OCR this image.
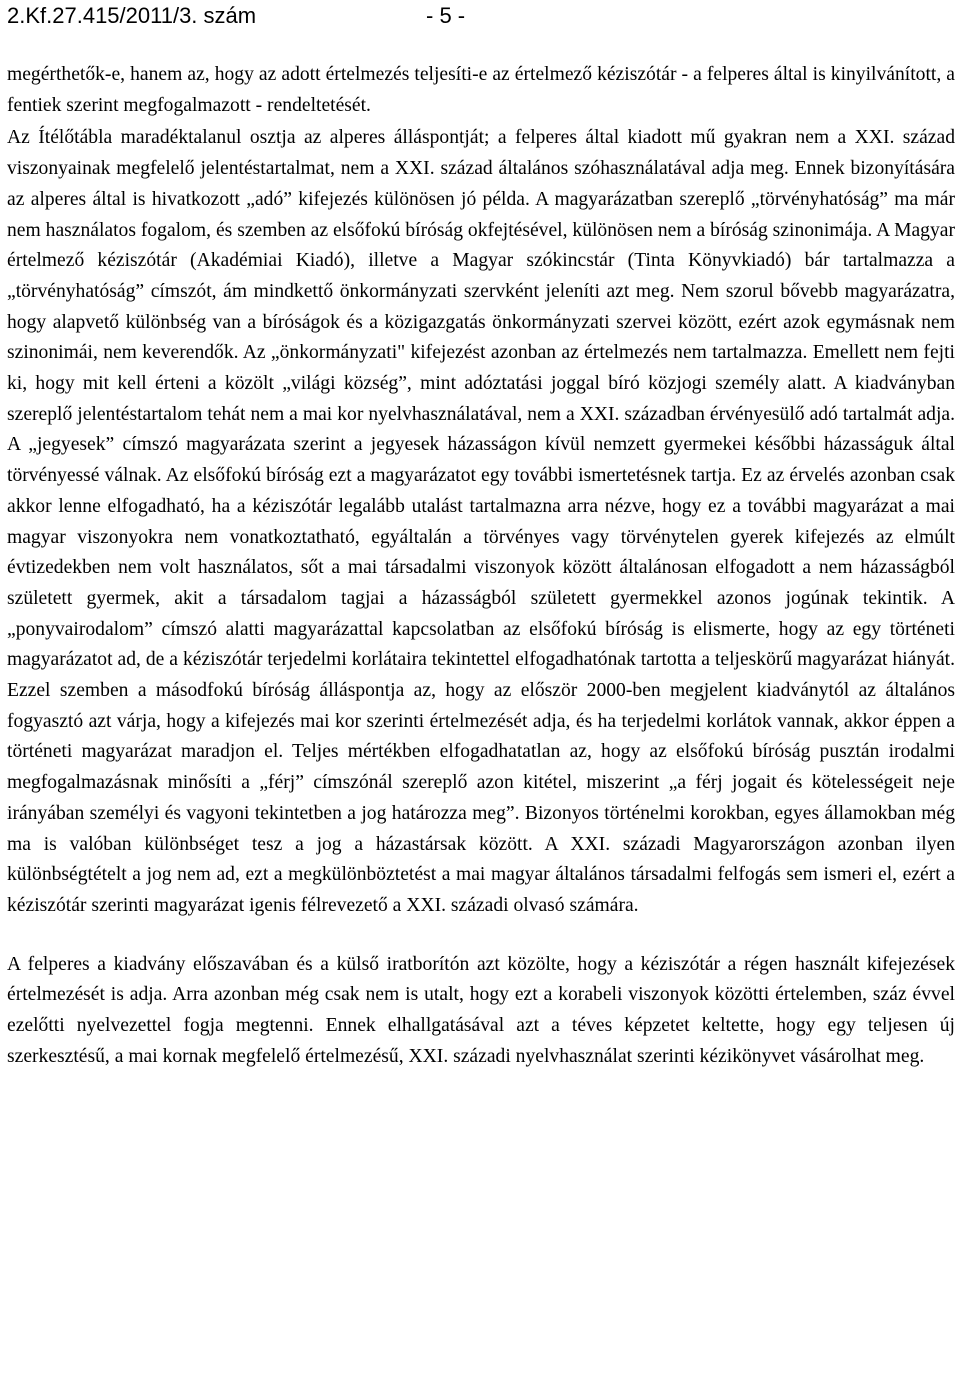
2.Kf.27.415/2011/3. szám	- 5 -

megérthetők-e, hanem az, hogy az adott értelmezés teljesíti-e az értelmező kéziszótár - a felperes által is kinyilvánított, a fentiek szerint megfogalmazott - rendeltetését.

Az Ítélőtábla maradéktalanul osztja az alperes álláspontját; a felperes által kiadott mű gyakran nem a XXI. század viszonyainak megfelelő jelentéstartalmat, nem a XXI. század általános szóhasználatával adja meg. Ennek bizonyítására az alperes által is hivatkozott „adó” kifejezés különösen jó példa. A magyarázatban szereplő „törvényhatóság” ma már nem használatos fogalom, és szemben az elsőfokú bíróság okfejtésével, különösen nem a bíróság szinonimája. A Magyar értelmező kéziszótár (Akadémiai Kiadó), illetve a Magyar szókincstár (Tinta Könyvkiadó) bár tartalmazza a „törvényhatóság” címszót, ám mindkettő önkormányzati szervként jeleníti azt meg. Nem szorul bővebb magyarázatra, hogy alapvető különbség van a bíróságok és a közigazgatás önkormányzati szervei között, ezért azok egymásnak nem szinonimái, nem keverendők. Az „önkormányzati" kifejezést azonban az értelmezés nem tartalmazza. Emellett nem fejti ki, hogy mit kell érteni a közölt „világi község”, mint adóztatási joggal bíró közjogi személy alatt. A kiadványban szereplő jelentéstartalom tehát nem a mai kor nyelvhasználatával, nem a XXI. században érvényesülő adó tartalmát adja. A „jegyesek” címszó magyarázata szerint a jegyesek házasságon kívül nemzett gyermekei későbbi házasságuk által törvényessé válnak. Az elsőfokú bíróság ezt a magyarázatot egy további ismertetésnek tartja. Ez az érvelés azonban csak akkor lenne elfogadható, ha a kéziszótár legalább utalást tartalmazna arra nézve, hogy ez a további magyarázat a mai magyar viszonyokra nem vonatkoztatható, egyáltalán a törvényes vagy törvénytelen gyerek kifejezés az elmúlt évtizedekben nem volt használatos, sőt a mai társadalmi viszonyok között általánosan elfogadott a nem házasságból született gyermek, akit a társadalom tagjai a házasságból született gyermekkel azonos jogúnak tekintik. A „ponyvairodalom” címszó alatti magyarázattal kapcsolatban az elsőfokú bíróság is elismerte, hogy az egy történeti magyarázatot ad, de a kéziszótár terjedelmi korlátaira tekintettel elfogadhatónak tartotta a teljeskörű magyarázat hiányát. Ezzel szemben a másodfokú bíróság álláspontja az, hogy az először 2000-ben megjelent kiadványtól az általános fogyasztó azt várja, hogy a kifejezés mai kor szerinti értelmezését adja, és ha terjedelmi korlátok vannak, akkor éppen a történeti magyarázat maradjon el. Teljes mértékben elfogadhatatlan az, hogy az elsőfokú bíróság pusztán irodalmi megfogalmazásnak minősíti a „férj” címszónál szereplő azon kitétel, miszerint „a férj jogait és kötelességeit neje irányában személyi és vagyoni tekintetben a jog határozza meg”. Bizonyos történelmi korokban, egyes államokban még ma is valóban különbséget tesz a jog a házastársak között. A XXI. századi Magyarországon azonban ilyen különbségtételt a jog nem ad, ezt a megkülönböztetést a mai magyar általános társadalmi felfogás sem ismeri el, ezért a kéziszótár szerinti magyarázat igenis félrevezető a XXI. századi olvasó számára.

A felperes a kiadvány előszavában és a külső iratborítón azt közölte, hogy a kéziszótár a régen használt kifejezések értelmezését is adja. Arra azonban még csak nem is utalt, hogy ezt a korabeli viszonyok közötti értelemben, száz évvel ezelőtti nyelvezettel fogja megtenni. Ennek elhallgatásával azt a téves képzetet keltette, hogy egy teljesen új szerkesztésű, a mai kornak megfelelő értelmezésű, XXI. századi nyelvhasználat szerinti kézikönyvet vásárolhat meg.
